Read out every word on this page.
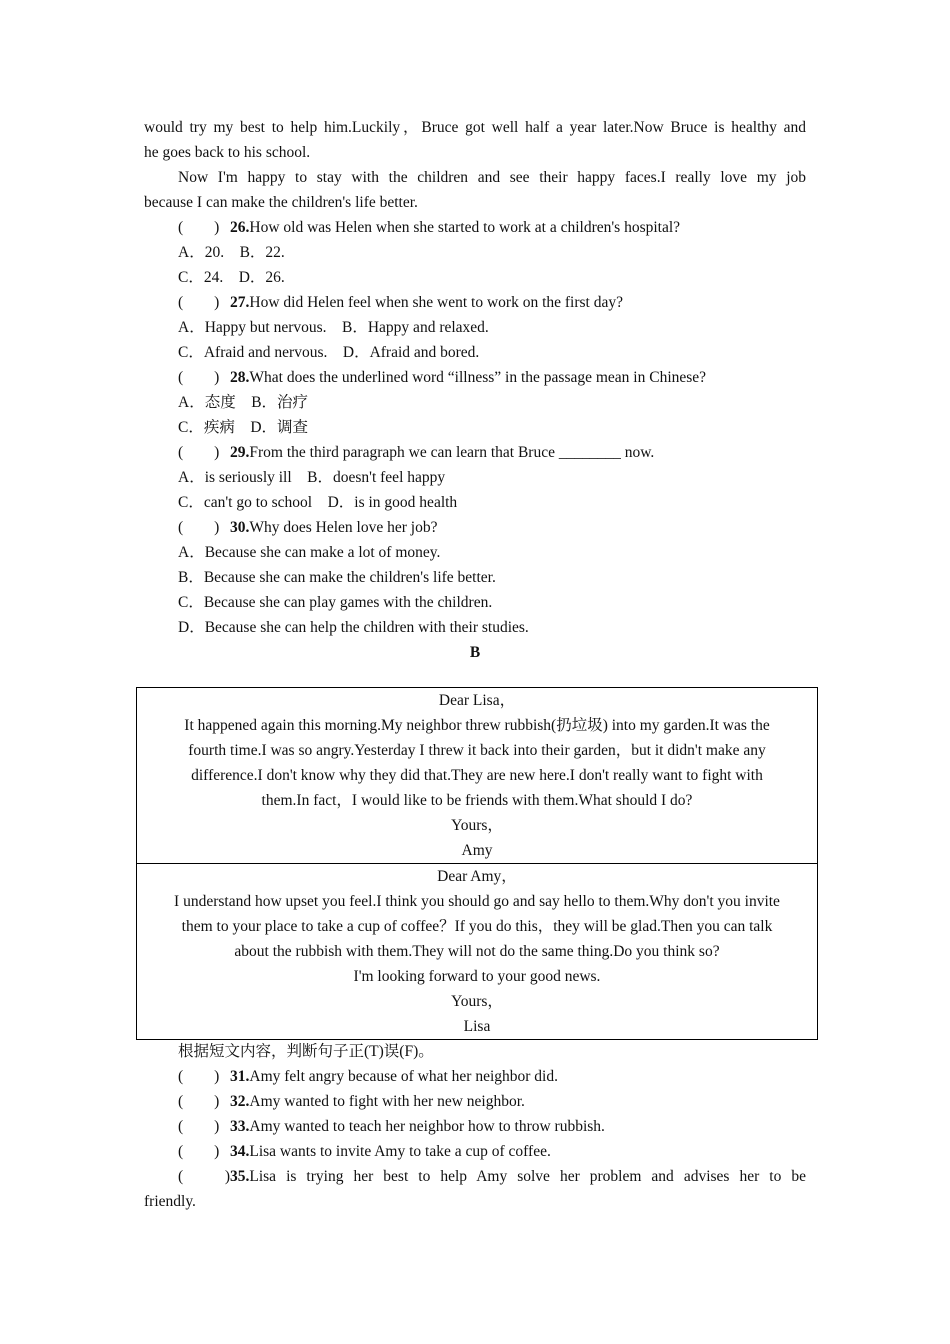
would try my best to help him.Luckily，Bruce got well half a year later.Now Bruce is healthy and
he goes back to his school.
Now I'm happy to stay with the children and see their happy faces.I really love my job
because I can make the children's life better.
(　　) 26.How old was Helen when she started to work at a children's hospital?
A．20.　B．22.
C．24.　D．26.
(　　) 27.How did Helen feel when she went to work on the first day?
A．Happy but nervous.　B．Happy and relaxed.
C．Afraid and nervous.　D．Afraid and bored.
(　　) 28.What does the underlined word “illness” in the passage mean in Chinese?
A．态度　B．治疗
C．疾病　D．调查
(　　) 29.From the third paragraph we can learn that Bruce ________ now.
A．is seriously ill　B．doesn't feel happy
C．can't go to school　D．is in good health
(　　) 30.Why does Helen love her job?
A．Because she can make a lot of money.
B．Because she can make the children's life better.
C．Because she can play games with the children.
D．Because she can help the children with their studies.
B
Dear Lisa，
It happened again this morning.My neighbor threw rubbish(扔垃圾) into my garden.It was the
fourth time.I was so angry.Yesterday I threw it back into their garden，but it didn't make any
difference.I don't know why they did that.They are new here.I don't really want to fight with
them.In fact，I would like to be friends with them.What should I do?
Yours，
Amy
Dear Amy，
I understand how upset you feel.I think you should go and say hello to them.Why don't you invite
them to your place to take a cup of coffee？If you do this，they will be glad.Then you can talk
about the rubbish with them.They will not do the same thing.Do you think so?
I'm looking forward to your good news.
Yours，
Lisa
根据短文内容，判断句子正(T)误(F)。
(　　) 31.Amy felt angry because of what her neighbor did.
(　　) 32.Amy wanted to fight with her new neighbor.
(　　) 33.Amy wanted to teach her neighbor how to throw rubbish.
(　　) 34.Lisa wants to invite Amy to take a cup of coffee.
(　　)35.Lisa is trying her best to help Amy solve her problem and advises her to be
friendly.
